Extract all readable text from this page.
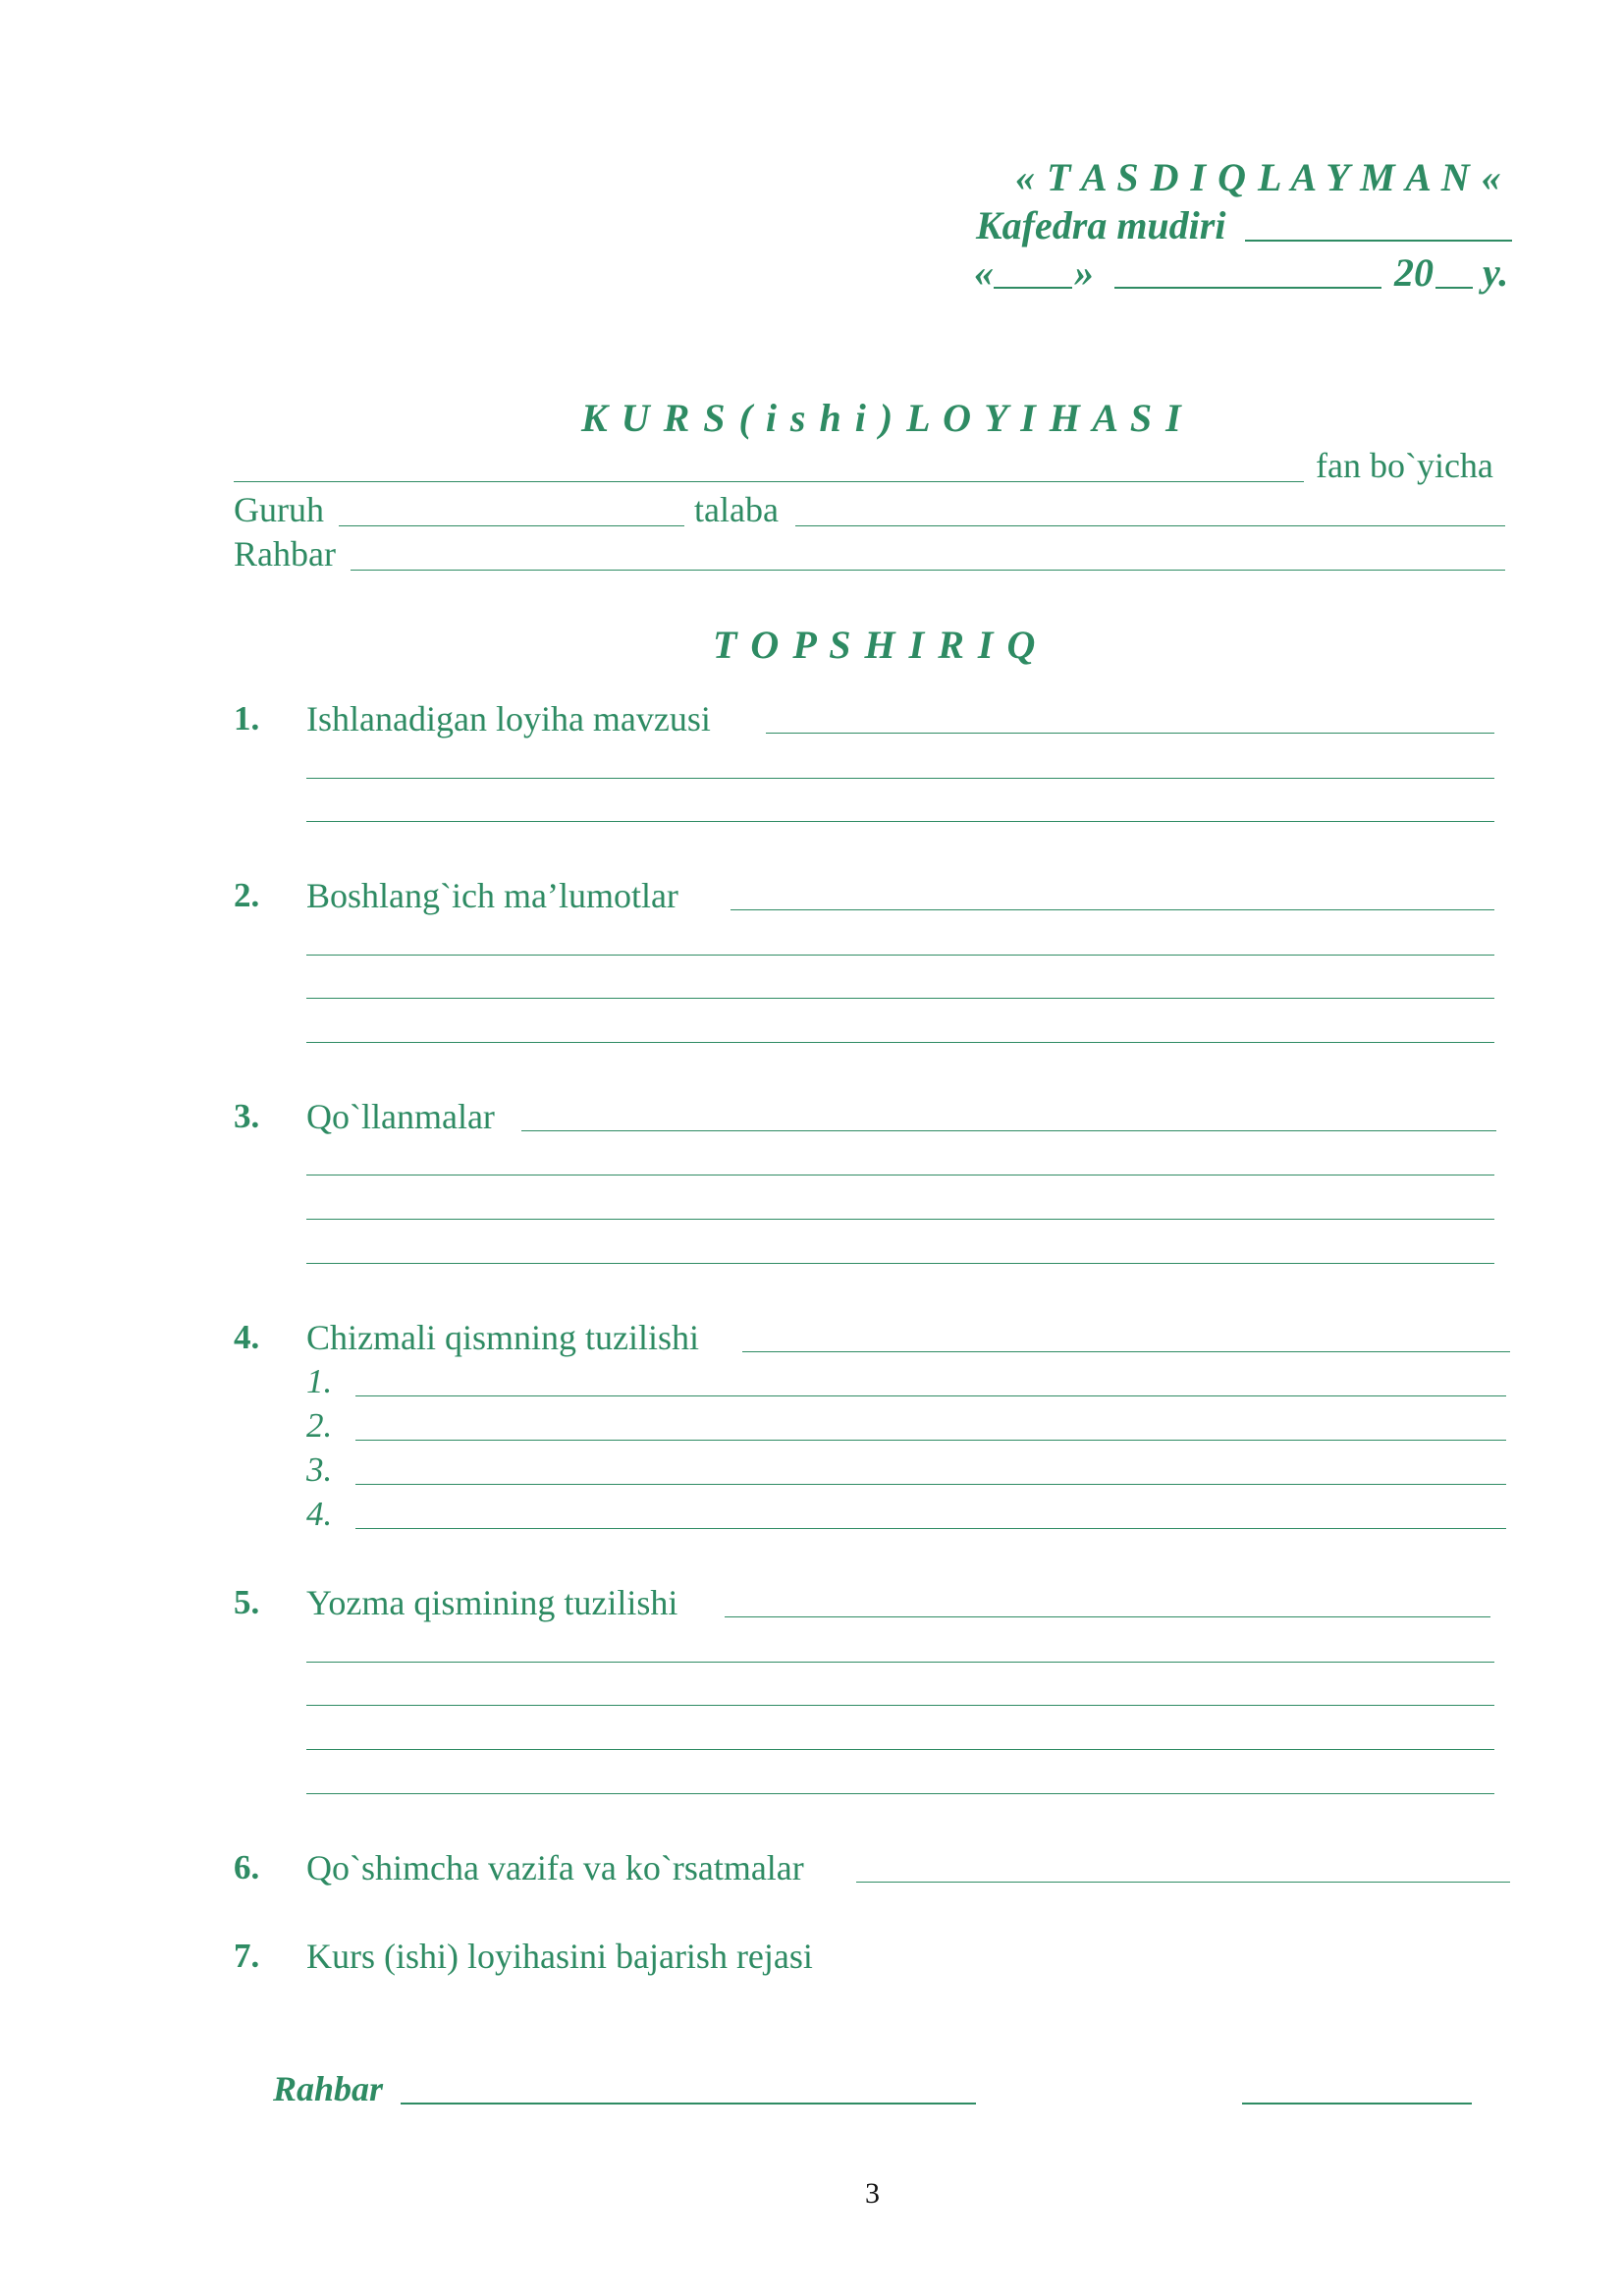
« T A S D I Q L A Y M A N «
Kafedra mudiri
« »	20 y.
K U R S ( i s h i ) L O Y I H A S I
fan bo`yicha
Guruh	talaba
Rahbar
T O P S H I R I Q
1. Ishlanadigan loyiha mavzusi
2. Boshlang`ich ma’lumotlar
3. Qo`llanmalar
4. Chizmali qismning tuzilishi
1.
2.
3.
4.
5. Yozma qismining tuzilishi
6. Qo`shimcha vazifa va ko`rsatmalar
7. Kurs (ishi) loyihasini bajarish rejasi
Rahbar
3
